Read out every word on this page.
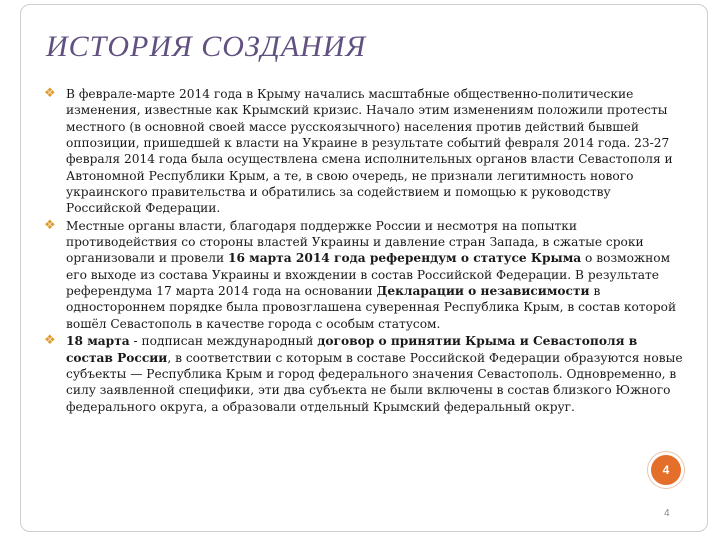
ИСТОРИЯ СОЗДАНИЯ
❖ В феврале-марте 2014 года в Крыму начались масштабные общественно-политические изменения, известные как Крымский кризис. Начало этим изменениям положили протесты местного (в основной своей массе русскоязычного) населения против действий бывшей оппозиции, пришедшей к власти на Украине в результате событий февраля 2014 года. 23-27 февраля 2014 года была осуществлена смена исполнительных органов власти Севастополя и Автономной Республики Крым, а те, в свою очередь, не признали легитимность нового украинского правительства и обратились за содействием и помощью к руководству Российской Федерации.
❖ Местные органы власти, благодаря поддержке России и несмотря на попытки противодействия со стороны властей Украины и давление стран Запада, в сжатые сроки организовали и провели 16 марта 2014 года референдум о статусе Крыма о возможном его выходе из состава Украины и вхождении в состав Российской Федерации. В результате референдума 17 марта 2014 года на основании Декларации о независимости в одностороннем порядке была провозглашена суверенная Республика Крым, в состав которой вошёл Севастополь в качестве города с особым статусом.
❖ 18 марта - подписан международный договор о принятии Крыма и Севастополя в состав России, в соответствии с которым в составе Российской Федерации образуются новые субъекты — Республика Крым и город федерального значения Севастополь. Одновременно, в силу заявленной специфики, эти два субъекта не были включены в состав близкого Южного федерального округа, а образовали отдельный Крымский федеральный округ.
4
4
